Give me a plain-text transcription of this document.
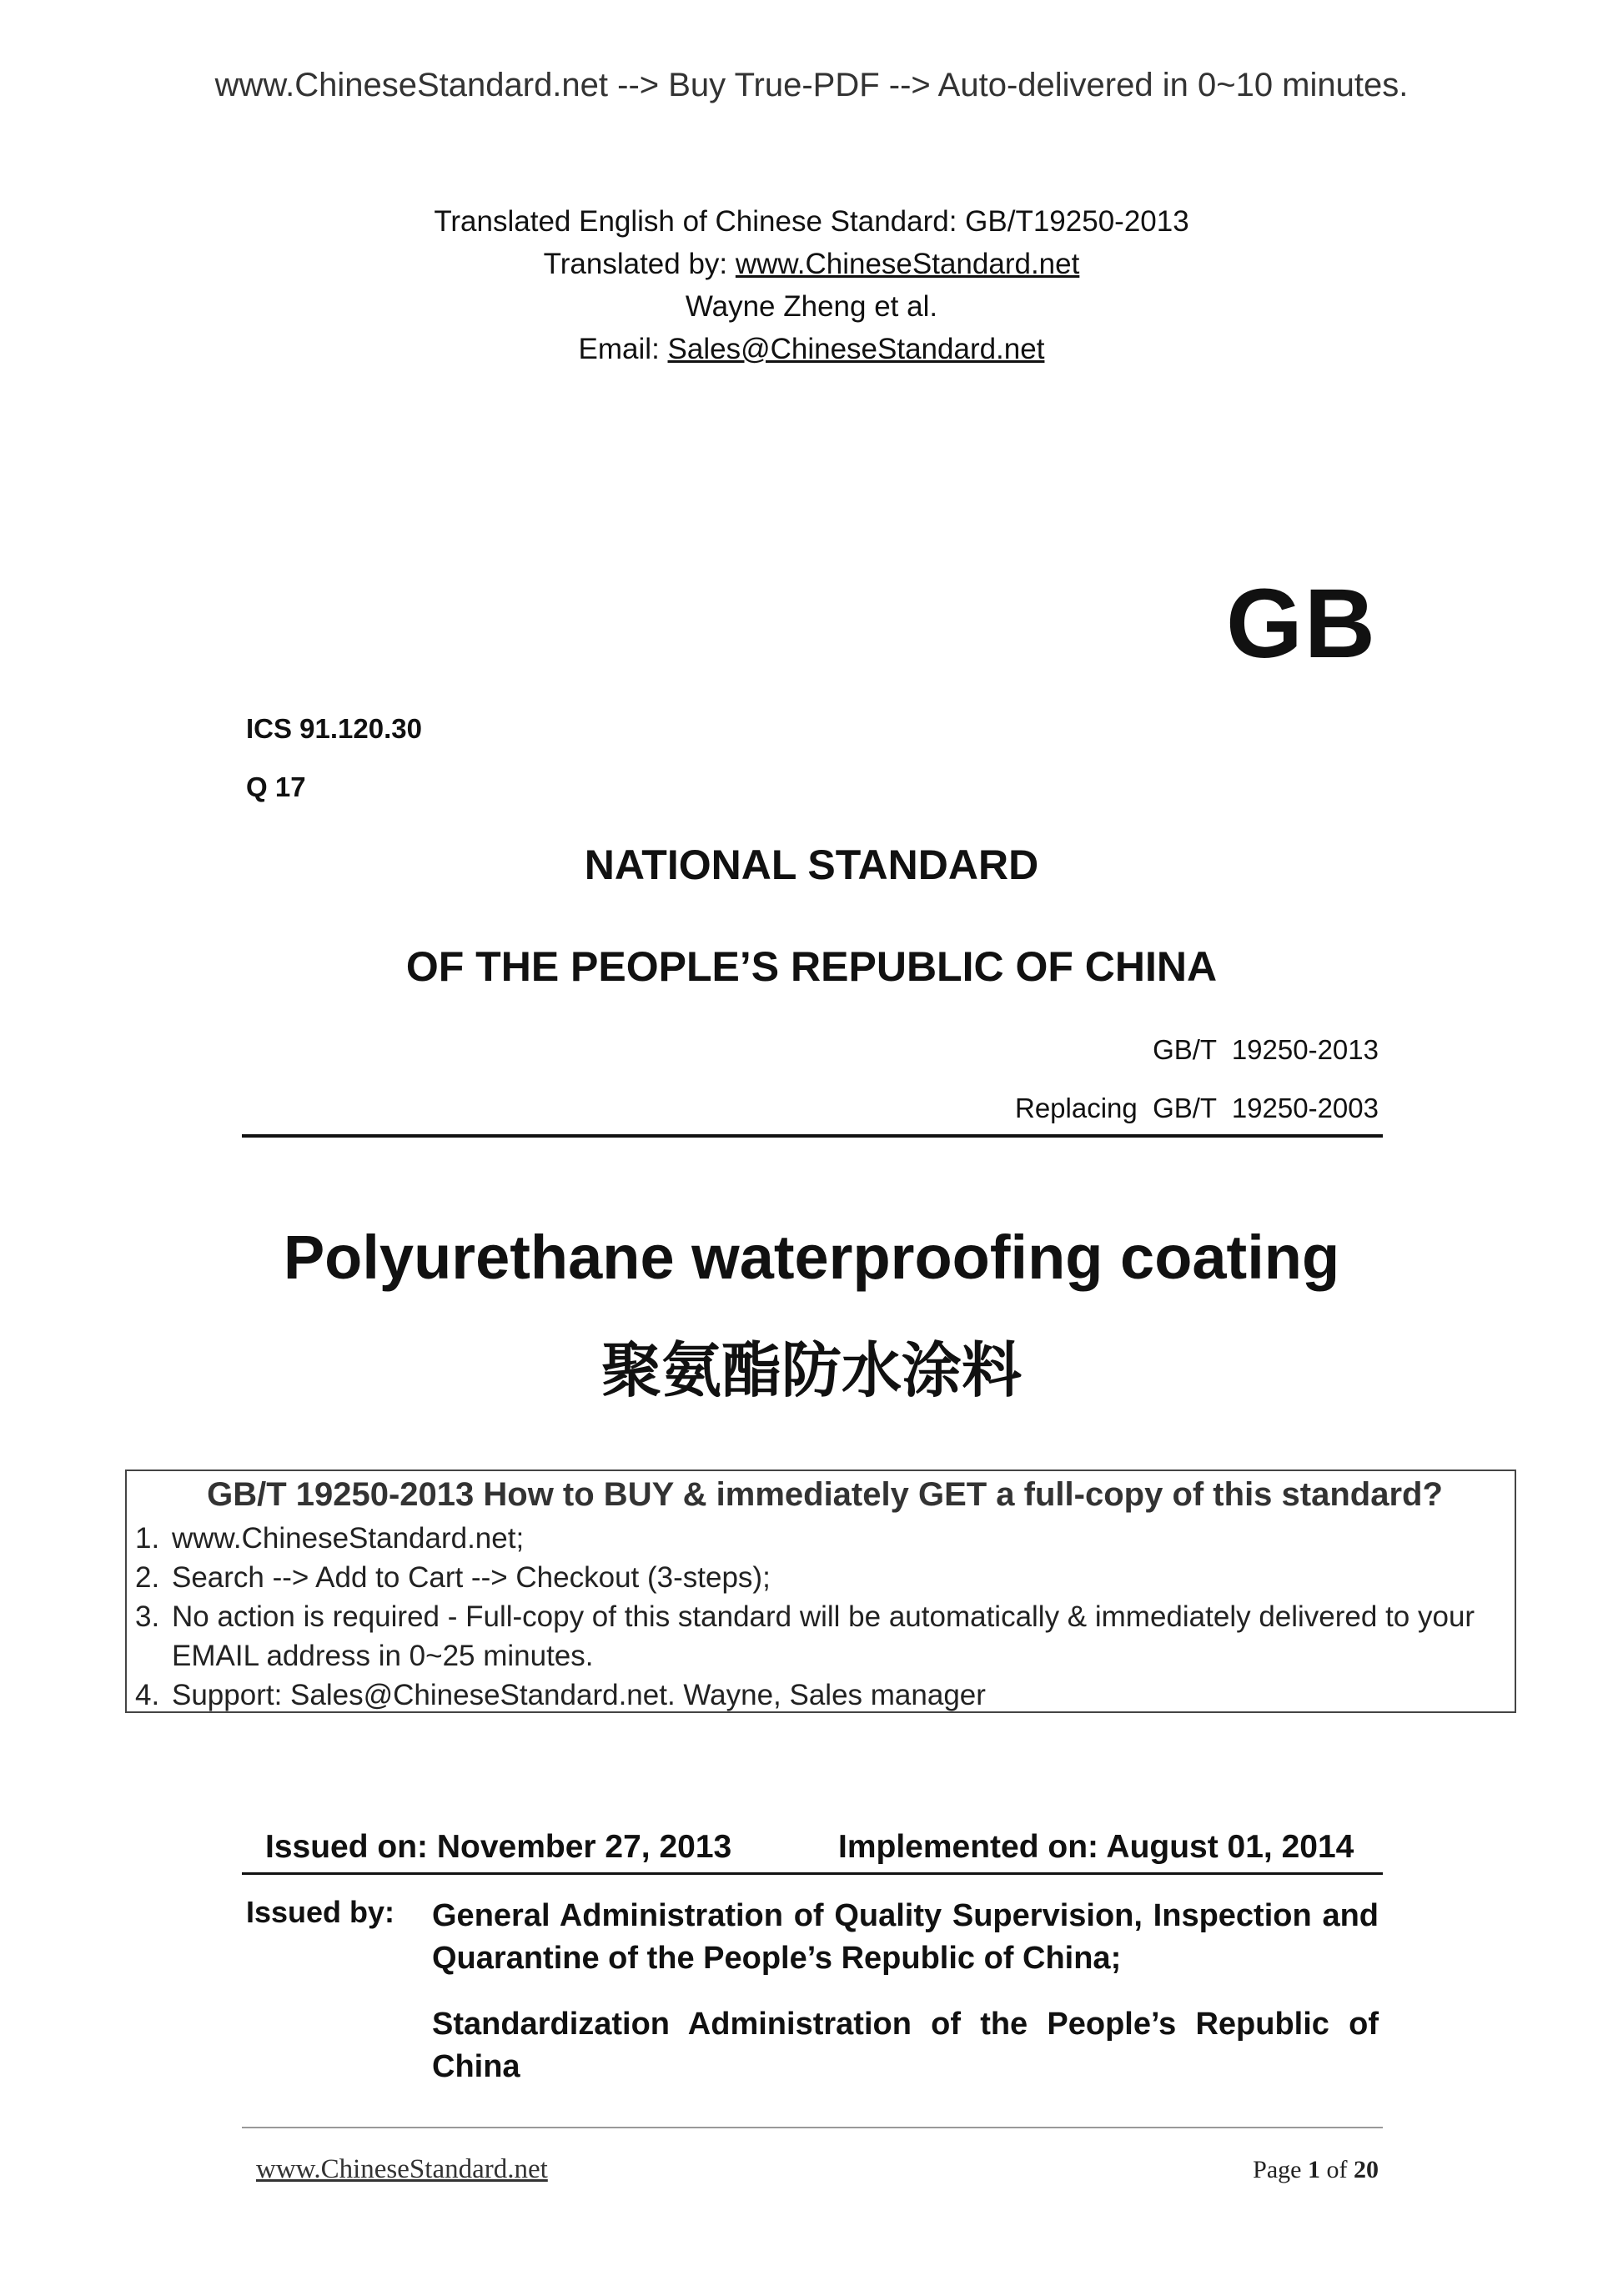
www.ChineseStandard.net --> Buy True-PDF --> Auto-delivered in 0~10 minutes.
Translated English of Chinese Standard: GB/T19250-2013
Translated by: www.ChineseStandard.net
Wayne Zheng et al.
Email: Sales@ChineseStandard.net
GB
ICS 91.120.30
Q 17
NATIONAL STANDARD
OF THE PEOPLE’S REPUBLIC OF CHINA
GB/T  19250-2013
Replacing  GB/T  19250-2003
Polyurethane waterproofing coating
聚氨酯防水涂料
GB/T 19250-2013 How to BUY & immediately GET a full-copy of this standard?
1. www.ChineseStandard.net;
2. Search --> Add to Cart --> Checkout (3-steps);
3. No action is required - Full-copy of this standard will be automatically & immediately delivered to your EMAIL address in 0~25 minutes.
4. Support: Sales@ChineseStandard.net. Wayne, Sales manager
Issued on: November 27, 2013	Implemented on: August 01, 2014
Issued by: General Administration of Quality Supervision, Inspection and Quarantine of the People’s Republic of China;
Standardization Administration of the People’s Republic of China
www.ChineseStandard.net	Page 1 of 20
